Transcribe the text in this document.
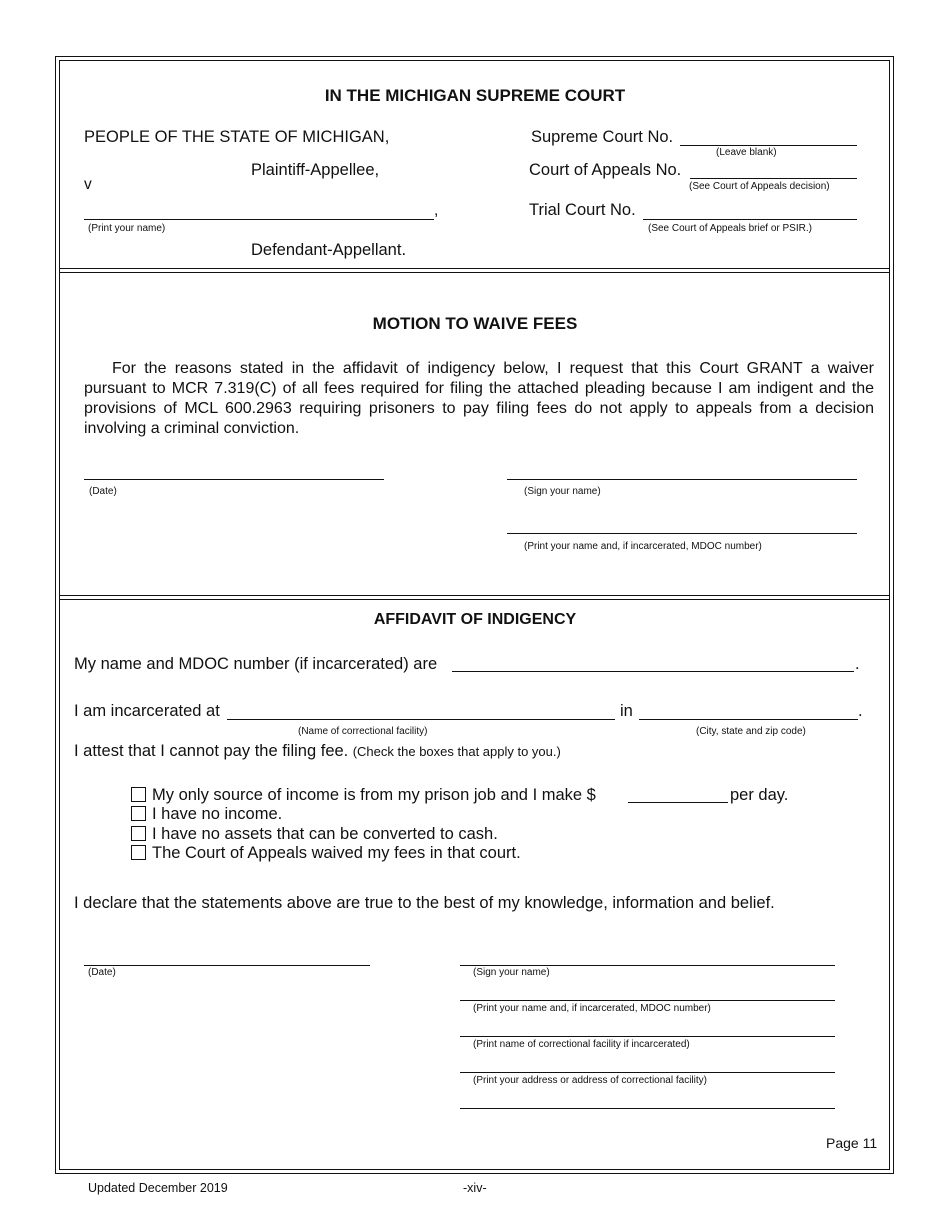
IN THE MICHIGAN SUPREME COURT
PEOPLE OF THE STATE OF MICHIGAN,
Plaintiff-Appellee,
v
,
(Print your name)
Defendant-Appellant.
Supreme Court No.
(Leave blank)
Court of Appeals No.
(See Court of Appeals decision)
Trial Court No.
(See Court of Appeals brief or PSIR.)
MOTION TO WAIVE FEES
For the reasons stated in the affidavit of indigency below, I request that this Court GRANT a waiver pursuant to MCR 7.319(C) of all fees required for filing the attached pleading because I am indigent and the provisions of MCL 600.2963 requiring prisoners to pay filing fees do not apply to appeals from a decision involving a criminal conviction.
(Date)	(Sign your name)
(Print your name and, if incarcerated, MDOC number)
AFFIDAVIT OF INDIGENCY
My name and MDOC number (if incarcerated) are	.
I am incarcerated at	in	.
(Name of correctional facility)	(City, state and zip code)
I attest that I cannot pay the filing fee. (Check the boxes that apply to you.)
My only source of income is from my prison job and I make $	per day.
I have no income.
I have no assets that can be converted to cash.
The Court of Appeals waived my fees in that court.
I declare that the statements above are true to the best of my knowledge, information and belief.
(Date)	(Sign your name)
(Print your name and, if incarcerated, MDOC number)
(Print name of correctional facility if incarcerated)
(Print your address or address of correctional facility)
Page 11
Updated December 2019	-xiv-
